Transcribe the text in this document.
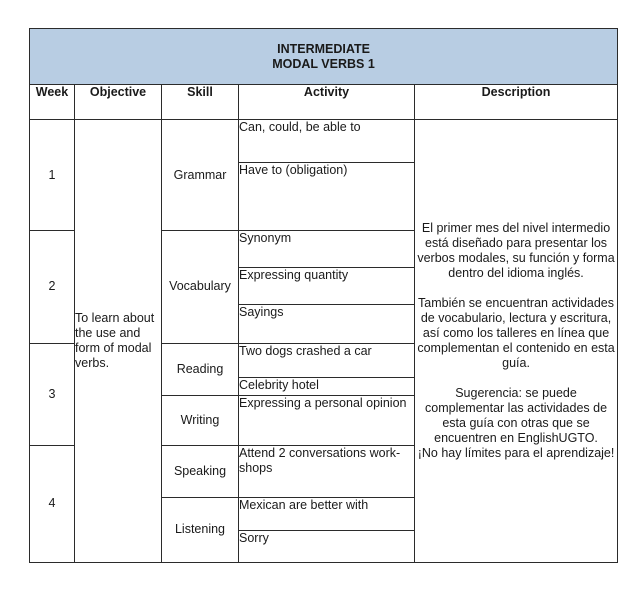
INTERMEDIATE
MODAL VERBS 1				

Week	Objective	Skill	Activity	Description
1	To learn about the use and form of modal verbs.	Grammar	Can, could, be able to	El primer mes del nivel intermedio está diseñado para presentar los verbos modales, su función y forma dentro del idioma inglés.
También se encuentran actividades de vocabulario, lectura y escritura, así como los talleres en línea que complementan el contenido en esta guía.
Sugerencia: se puede complementar las actividades de esta guía con otras que se encuentren en EnglishUGTO.
¡No hay límites para el aprendizaje!

			Have to (obligation)	
2		Vocabulary	Synonym	
			Expressing quantity	
			Sayings	
3		Reading	Two dogs crashed a car	
			Celebrity hotel	
		Writing	Expressing a personal opinion	
4		Speaking	Attend 2 conversations work-shops	
		Listening	Mexican are better with	
			Sorry	
